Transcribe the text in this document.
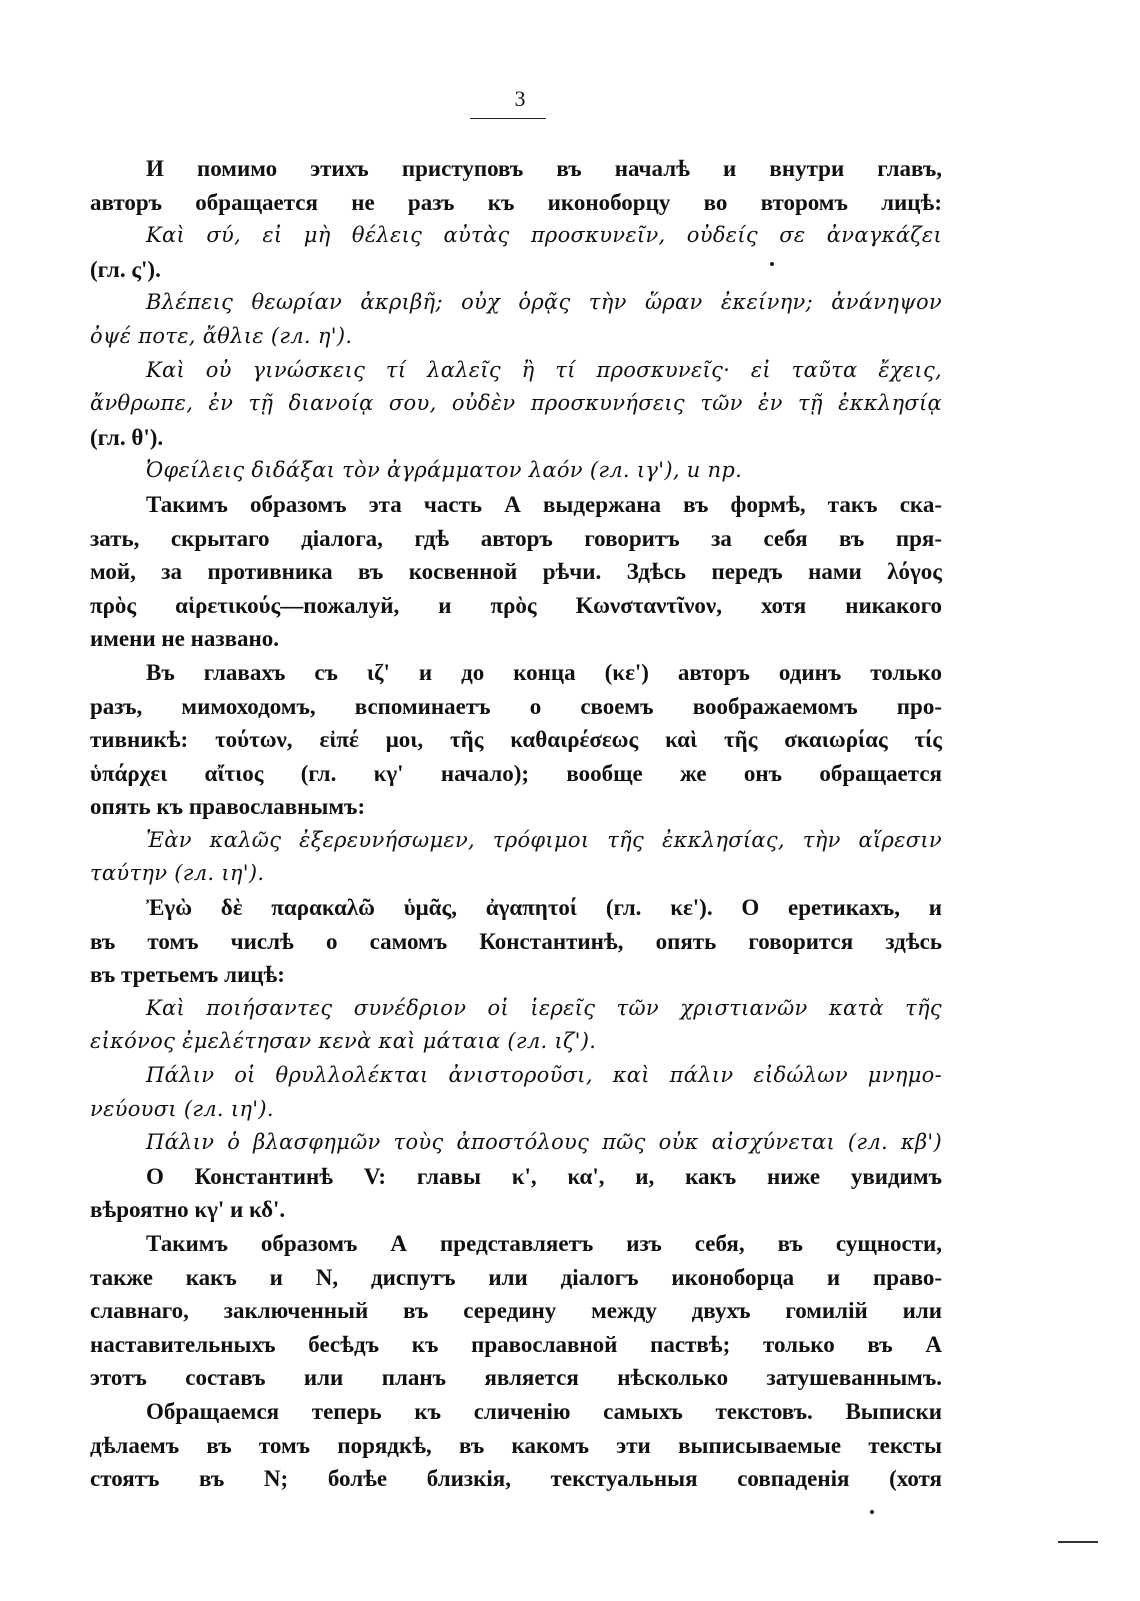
3
И помимо этихъ приступовъ въ началѣ и внутри главъ,
авторъ обращается не разъ къ иконоборцу во второмъ лицѣ:
Καὶ σύ, εἰ μὴ θέλεις αὐτὰς προσκυνεῖν, οὐδείς σε ἀναγκάζει
(гл. ς').
Βλέπεις θεωρίαν ἀκριβῆ; οὐχ ὁρᾷς τὴν ὥραν ἐκείνην; ἀνάνηψον
ὀψέ ποτε, ἄθλιε (гл. η').
Καὶ οὐ γινώσκεις τί λαλεῖς ἢ τί προσκυνεῖς· εἰ ταῦτα ἔχεις,
ἄνθρωπε, ἐν τῇ διανοίᾳ σου, οὐδὲν προσκυνήσεις τῶν ἐν τῇ ἐκκλησίᾳ
(гл. θ').
Ὀφείλεις διδάξαι τὸν ἀγράμματον λαόν (гл. ιγ'), и пр.
Такимъ образомъ эта часть А выдержана въ формѣ, такъ ска-
зать, скрытаго діалога, гдѣ авторъ говоритъ за себя въ пря-
мой, за противника въ косвенной рѣчи. Здѣсь передъ нами λόγος
πρὸς αἱρετικούς—пожалуй, и πρὸς Κωνσταντῖνον, хотя никакого
имени не названо.
Въ главахъ съ ιζ' и до конца (κε') авторъ одинъ только
разъ, мимоходомъ, вспоминаетъ о своемъ воображаемомъ про-
тивникѣ: τούτων, εἰπέ μοι, τῆς καθαιρέσεως καὶ τῆς σκαιωρίας τίς
ὑπάρχει αἴτιος (гл. κγ' начало); вообще же онъ обращается
опять къ православнымъ:
Ἐὰν καλῶς ἐξερευνήσωμεν, τρόφιμοι τῆς ἐκκλησίας, τὴν αἵρεσιν
ταύτην (гл. ιη').
Ἐγὼ δὲ παρακαλῶ ὑμᾶς, ἀγαπητοί (гл. κε'). О еретикахъ, и
въ томъ числѣ о самомъ Константинѣ, опять говорится здѣсь
въ третьемъ лицѣ:
Καὶ ποιήσαντες συνέδριον οἱ ἱερεῖς τῶν χριστιανῶν κατὰ τῆς
εἰκόνος ἐμελέτησαν κενὰ καὶ μάταια (гл. ιζ').
Πάλιν οἱ θρυλλολέκται ἀνιστοροῦσι, καὶ πάλιν εἰδώλων μνημο-
νεύουσι (гл. ιη').
Πάλιν ὁ βλασφημῶν τοὺς ἀποστόλους πῶς οὐκ αἰσχύνεται (гл. κβ')
О Константинѣ V: главы κ', κα', и, какъ ниже увидимъ
вѣроятно κγ' и κδ'.
Такимъ образомъ А представляетъ изъ себя, въ сущности,
также какъ и N, диспутъ или діалогъ иконоборца и право-
славнаго, заключенный въ середину между двухъ гомилій или
наставительныхъ бесѣдъ къ православной паствѣ; только въ А
этотъ составъ или планъ является нѣсколько затушеваннымъ.
Обращаемся теперь къ сличенію самыхъ текстовъ. Выписки
дѣлаемъ въ томъ порядкѣ, въ какомъ эти выписываемые тексты
стоятъ въ N; болѣе близкія, текстуальныя совпаденія (хотя
